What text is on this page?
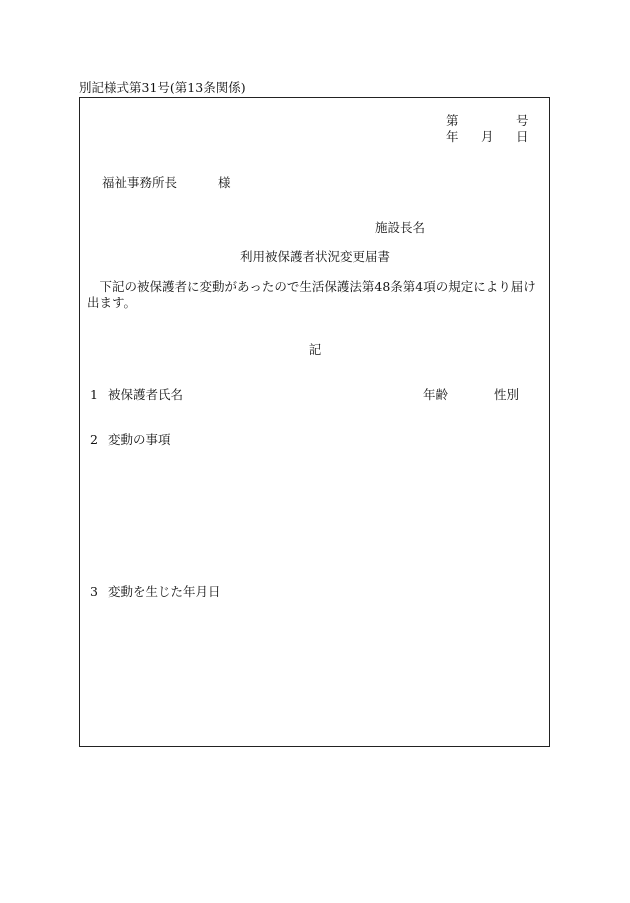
別記様式第31号(第13条関係)
第	号
年 月 日
福祉事務所長	様
施設長名
利用被保護者状況変更届書
下記の被保護者に変動があったので生活保護法第48条第4項の規定により届け出ます。
記
1 被保護者氏名	年齢	性別
2 変動の事項
3 変動を生じた年月日
